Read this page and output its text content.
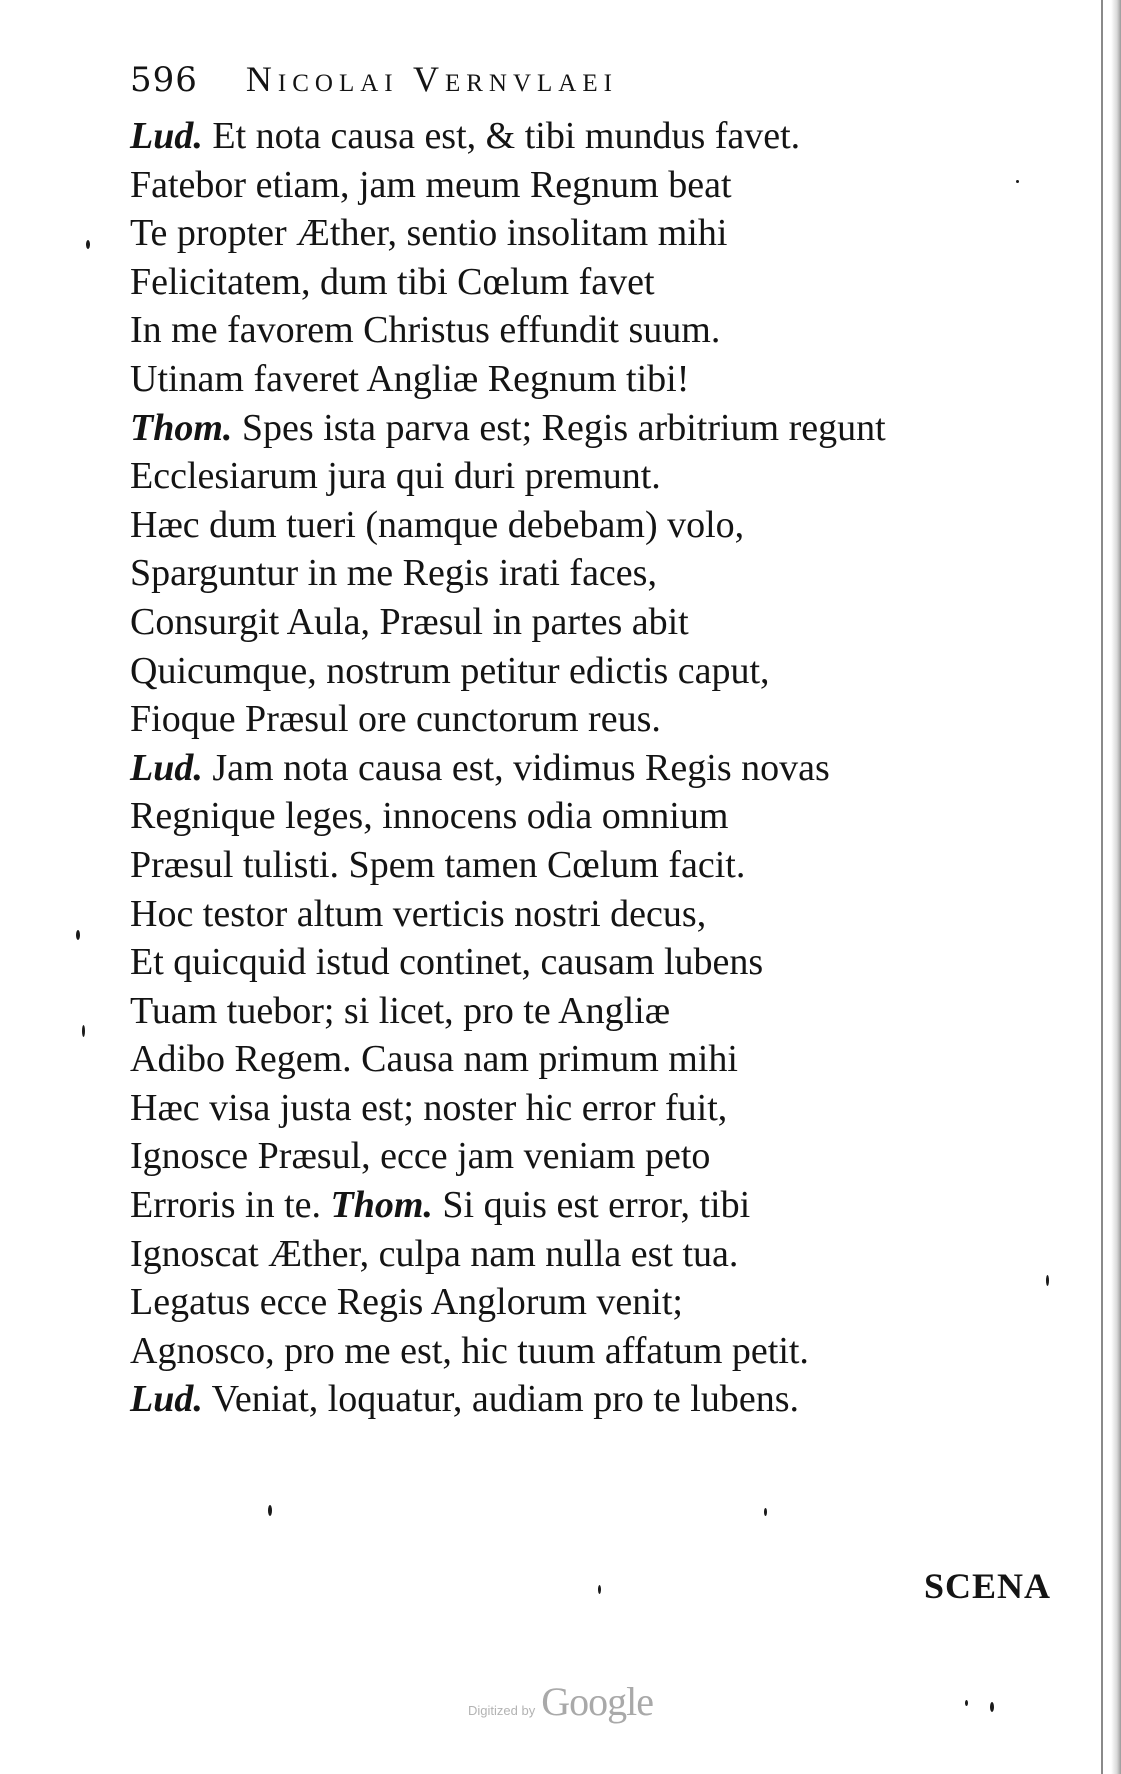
596 Nicolai Vernvlaei
Lud. Et nota causa est, & tibi mundus favet.
Fatebor etiam, jam meum Regnum beat
Te propter Æther, sentio insolitam mihi
Felicitatem, dum tibi Cœlum favet
In me favorem Christus effundit suum.
Utinam faveret Angliæ Regnum tibi!
Thom. Spes ista parva est; Regis arbitrium regunt
Ecclesiarum jura qui duri premunt.
Hæc dum tueri (namque debebam) volo,
Sparguntur in me Regis irati faces,
Consurgit Aula, Præsul in partes abit
Quicumque, nostrum petitur edictis caput,
Fioque Præsul ore cunctorum reus.
Lud. Jam nota causa est, vidimus Regis novas
Regnique leges, innocens odia omnium
Præsul tulisti. Spem tamen Cœlum facit.
Hoc testor altum verticis nostri decus,
Et quicquid istud continet, causam lubens
Tuam tuebor; si licet, pro te Angliæ
Adibo Regem. Causa nam primum mihi
Hæc visa justa est; noster hic error fuit,
Ignosce Præsul, ecce jam veniam peto
Erroris in te. Thom. Si quis est error, tibi
Ignoscat Æther, culpa nam nulla est tua.
Legatus ecce Regis Anglorum venit;
Agnosco, pro me est, hic tuum affatum petit.
Lud. Veniat, loquatur, audiam pro te lubens.
SCENA
Digitized by Google
